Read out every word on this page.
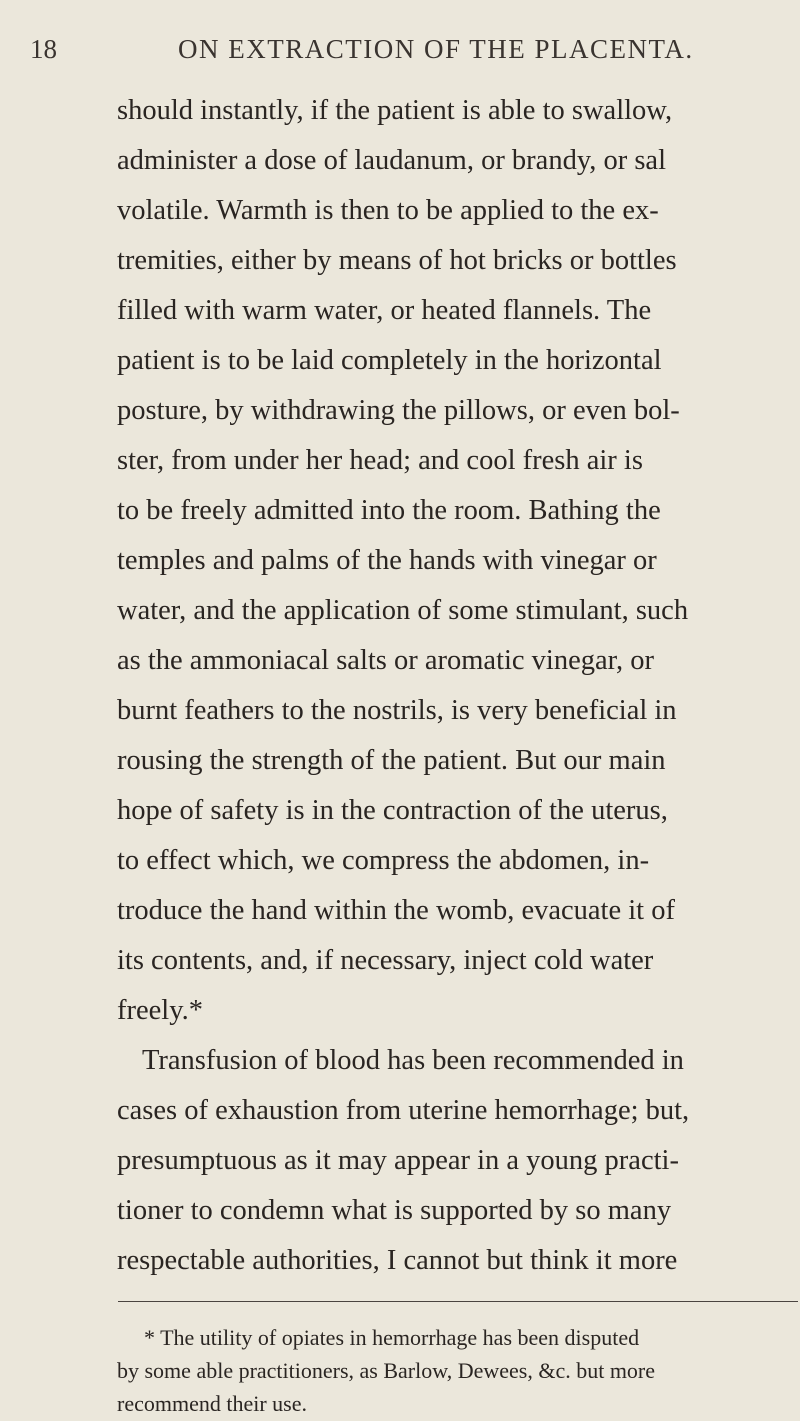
18	ON EXTRACTION OF THE PLACENTA.
should instantly, if the patient is able to swallow,
administer a dose of laudanum, or brandy, or sal
volatile. Warmth is then to be applied to the ex-
tremities, either by means of hot bricks or bottles
filled with warm water, or heated flannels. The
patient is to be laid completely in the horizontal
posture, by withdrawing the pillows, or even bol-
ster, from under her head; and cool fresh air is
to be freely admitted into the room. Bathing the
temples and palms of the hands with vinegar or
water, and the application of some stimulant, such
as the ammoniacal salts or aromatic vinegar, or
burnt feathers to the nostrils, is very beneficial in
rousing the strength of the patient. But our main
hope of safety is in the contraction of the uterus,
to effect which, we compress the abdomen, in-
troduce the hand within the womb, evacuate it of
its contents, and, if necessary, inject cold water
freely.*
Transfusion of blood has been recommended in
cases of exhaustion from uterine hemorrhage; but,
presumptuous as it may appear in a young practi-
tioner to condemn what is supported by so many
respectable authorities, I cannot but think it more
* The utility of opiates in hemorrhage has been disputed
by some able practitioners, as Barlow, Dewees, &c. but more
recommend their use.
